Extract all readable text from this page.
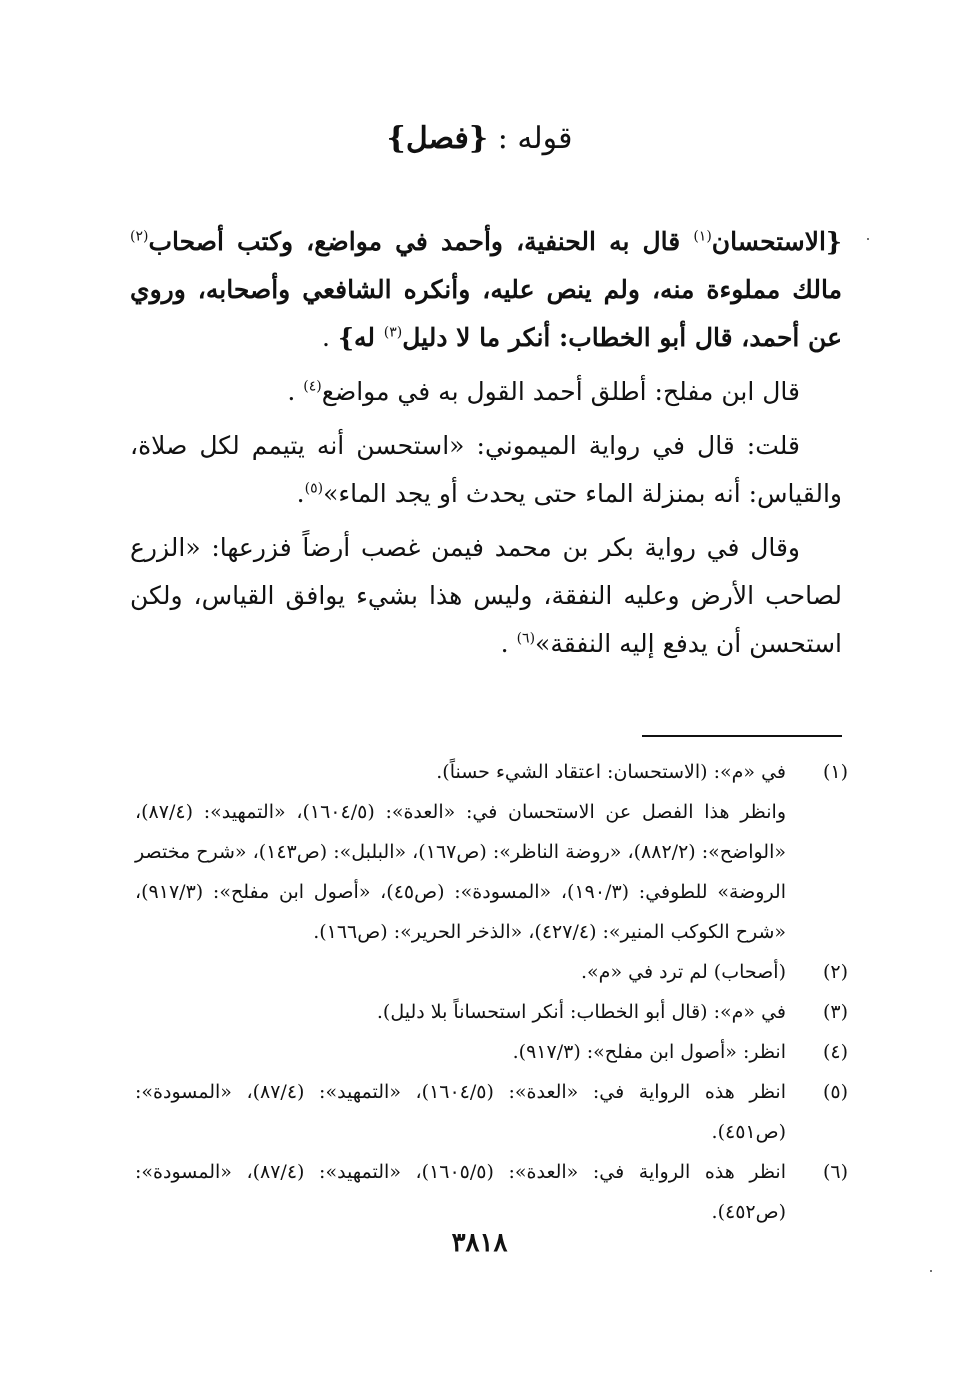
قوله : {فصل}

{الاستحسان$^{(١)}$ قال به الحنفية، وأحمد في مواضع، وكتب أصحاب$^{(٢)}$ مالك مملوءة منه، ولم ينص عليه، وأنكره الشافعي وأصحابه، وروي عن أحمد، قال أبو الخطاب: أنكر ما لا دليل$^{(٣)}$ له} .

قال ابن مفلح: أطلق أحمد القول به في مواضع$^{(٤)}$ .

قلت: قال في رواية الميموني: «استحسن أنه يتيمم لكل صلاة، والقياس: أنه بمنزلة الماء حتى يحدث أو يجد الماء»$^{(٥)}$.

وقال في رواية بكر بن محمد فيمن غصب أرضاً فزرعها: «الزرع لصاحب الأرض وعليه النفقة، وليس هذا بشيء يوافق القياس، ولكن استحسن أن يدفع إليه النفقة»$^{(٦)}$ .

(١)
في «م»: (الاستحسان: اعتقاد الشيء حسناً).
وانظر هذا الفصل عن الاستحسان في: «العدة»: (١٦٠٤/٥)، «التمهيد»: (٨٧/٤)، «الواضح»: (٨٨٢/٢)، «روضة الناظر»: (ص١٦٧)، «البلبل»: (ص١٤٣)، «شرح مختصر الروضة» للطوفي: (١٩٠/٣)، «المسودة»: (ص٤٥)، «أصول ابن مفلح»: (٩١٧/٣)، «شرح الكوكب المنير»: (٤٢٧/٤)، «الذخر الحرير»: (ص١٦٦).
(٢)
(أصحاب) لم ترد في «م».
(٣)
في «م»: (قال أبو الخطاب: أنكر استحساناً بلا دليل).
(٤)
انظر: «أصول ابن مفلح»: (٩١٧/٣).
(٥)
انظر هذه الرواية في: «العدة»: (١٦٠٤/٥)، «التمهيد»: (٨٧/٤)، «المسودة»: (ص٤٥١).
(٦)
انظر هذه الرواية في: «العدة»: (١٦٠٥/٥)، «التمهيد»: (٨٧/٤)، «المسودة»: (ص٤٥٢).
٣٨١٨
